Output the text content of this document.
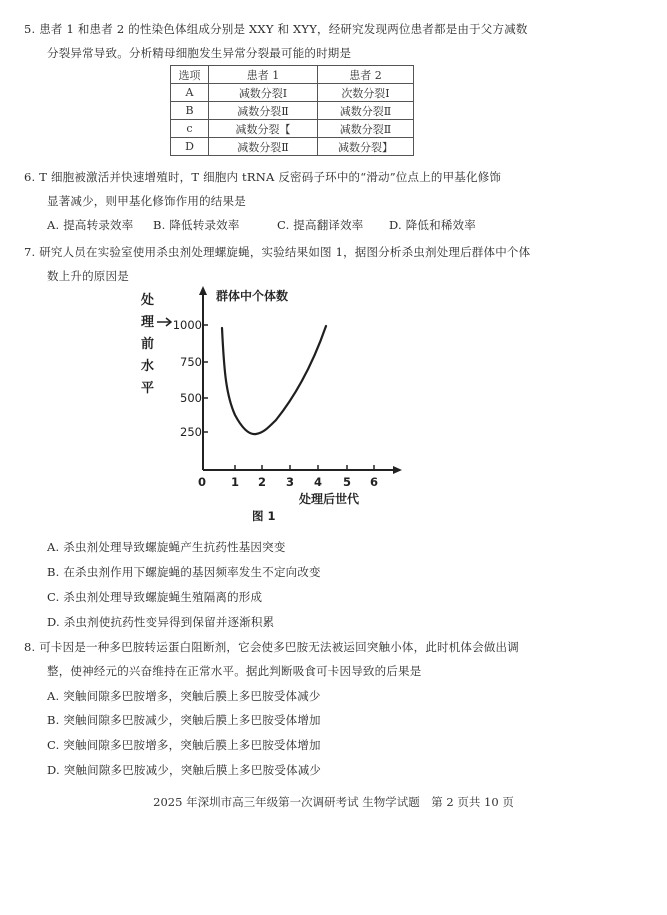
5. 患者 1 和患者 2 的性染色体组成分别是 XXY 和 XYY，经研究发现两位患者都是由于父方减数
分裂异常导致。分析精母细胞发生异常分裂最可能的时期是
选项	患者 1	患者 2
A	减数分裂Ⅰ	次数分裂Ⅰ
B	减数分裂Ⅱ	减数分裂Ⅱ
c	减数分裂【	减数分裂Ⅱ
D	减数分裂Ⅱ	减数分裂】
6. T 细胞被激活并快速增殖时，T 细胞内 tRNA 反密码子环中的“滑动”位点上的甲基化修饰
显著减少，则甲基化修饰作用的结果是
A. 提高转录效率 B. 降低转录效率	C. 提高翻译效率 D. 降低和稀效率
7. 研究人员在实验室使用杀虫剂处理螺旋蝇，实验结果如图 1，据图分析杀虫剂处理后群体中个体
数上升的原因是
处
理
前
水
平
1000
750
500
250
0 1 2 3 4 5 6
群体中个体数
处理后世代
图 1
A. 杀虫剂处理导致螺旋蝇产生抗药性基因突变
B. 在杀虫剂作用下螺旋蝇的基因频率发生不定向改变
C. 杀虫剂处理导致螺旋蝇生殖隔离的形成
D. 杀虫剂使抗药性变异得到保留并逐渐积累
8. 可卡因是一种多巴胺转运蛋白阻断剂，它会使多巴胺无法被运回突触小体，此时机体会做出调
整，使神经元的兴奋维持在正常水平。据此判断吸食可卡因导致的后果是
A. 突触间隙多巴胺增多，突触后膜上多巴胺受体减少
B. 突触间隙多巴胺减少，突触后膜上多巴胺受体增加
C. 突触间隙多巴胺增多，突触后膜上多巴胺受体增加
D. 突触间隙多巴胺减少，突触后膜上多巴胺受体减少
2025 年深圳市高三年级第一次调研考试 生物学试题　第 2 页共 10 页
